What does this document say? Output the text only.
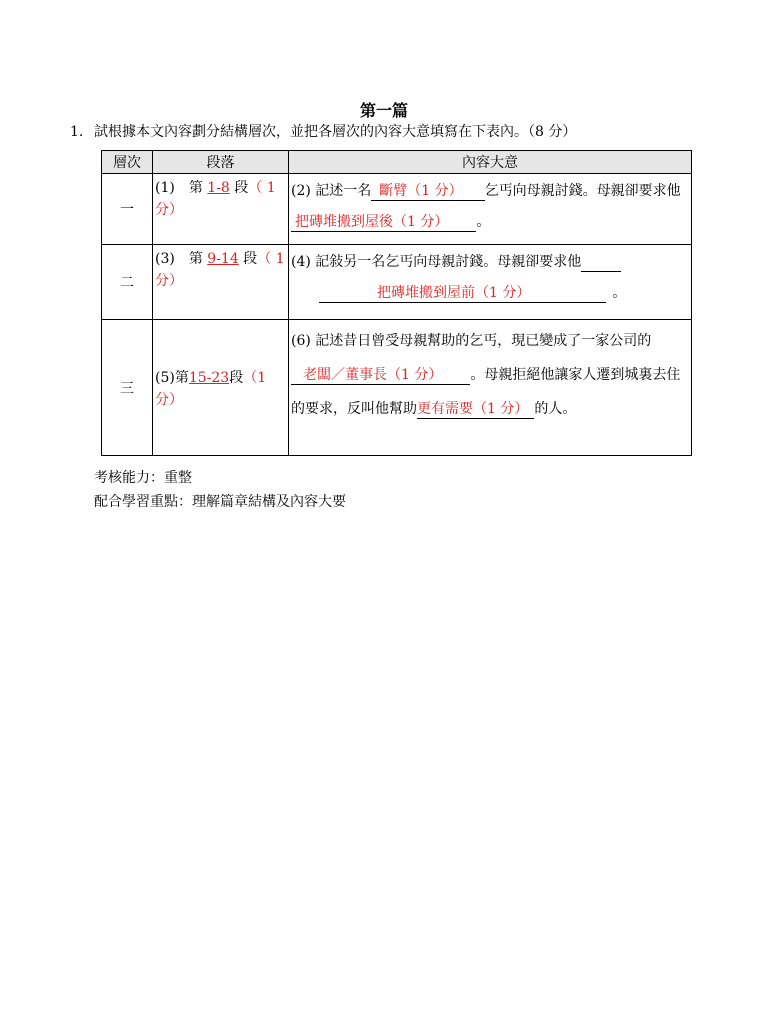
第一篇
1. 試根據本文內容劃分結構層次，並把各層次的內容大意填寫在下表內。（8 分）
層次	段落	內容大意
一	(1)　第 1-8 段（ 1 分）	(2) 記述一名 斷臂（1 分） 乞丐向母親討錢。母親卻要求他把磚堆搬到屋後（1 分） 。

二	(3)　第 9-14 段（ 1 分）	(4) 記敍另一名乞丐向母親討錢。母親卻要求他
把磚堆搬到屋前（1 分） 。

三	(5)第15-23段（1 分）	(6) 記述昔日曾受母親幫助的乞丐，現已變成了一家公司的老闆／董事長（1 分） 。母親拒絕他讓家人遷到城裏去住的要求，反叫他幫助更有需要（1 分） 的人。
考核能力：重整
配合學習重點：理解篇章結構及內容大要
